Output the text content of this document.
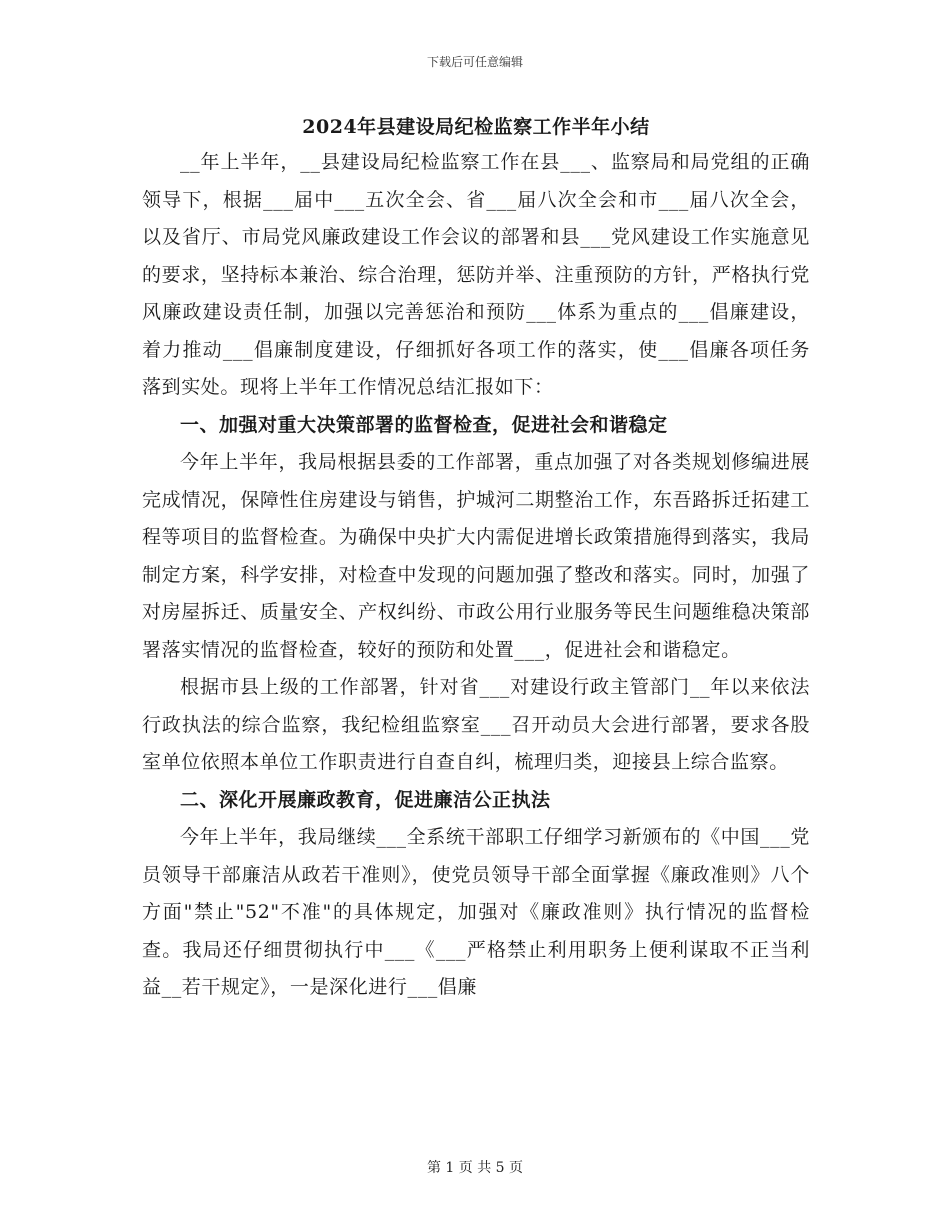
下载后可任意编辑
2024年县建设局纪检监察工作半年小结

__年上半年，__县建设局纪检监察工作在县___、监察局和局党组的正确领导下，根据___届中___五次全会、省___届八次全会和市___届八次全会，以及省厅、市局党风廉政建设工作会议的部署和县___党风建设工作实施意见的要求，坚持标本兼治、综合治理，惩防并举、注重预防的方针，严格执行党风廉政建设责任制，加强以完善惩治和预防___体系为重点的___倡廉建设，着力推动___倡廉制度建设，仔细抓好各项工作的落实，使___倡廉各项任务落到实处。现将上半年工作情况总结汇报如下：

一、加强对重大决策部署的监督检查，促进社会和谐稳定

今年上半年，我局根据县委的工作部署，重点加强了对各类规划修编进展完成情况，保障性住房建设与销售，护城河二期整治工作，东吾路拆迁拓建工程等项目的监督检查。为确保中央扩大内需促进增长政策措施得到落实，我局制定方案，科学安排，对检查中发现的问题加强了整改和落实。同时，加强了对房屋拆迁、质量安全、产权纠纷、市政公用行业服务等民生问题维稳决策部署落实情况的监督检查，较好的预防和处置___，促进社会和谐稳定。

根据市县上级的工作部署，针对省___对建设行政主管部门__年以来依法行政执法的综合监察，我纪检组监察室___召开动员大会进行部署，要求各股室单位依照本单位工作职责进行自查自纠，梳理归类，迎接县上综合监察。

二、深化开展廉政教育，促进廉洁公正执法

今年上半年，我局继续___全系统干部职工仔细学习新颁布的《中国___党员领导干部廉洁从政若干准则》，使党员领导干部全面掌握《廉政准则》八个方面"禁止"52"不准"的具体规定，加强对《廉政准则》执行情况的监督检查。我局还仔细贯彻执行中___《___严格禁止利用职务上便利谋取不正当利益__若干规定》，一是深化进行___倡廉

第 1 页 共 5 页
